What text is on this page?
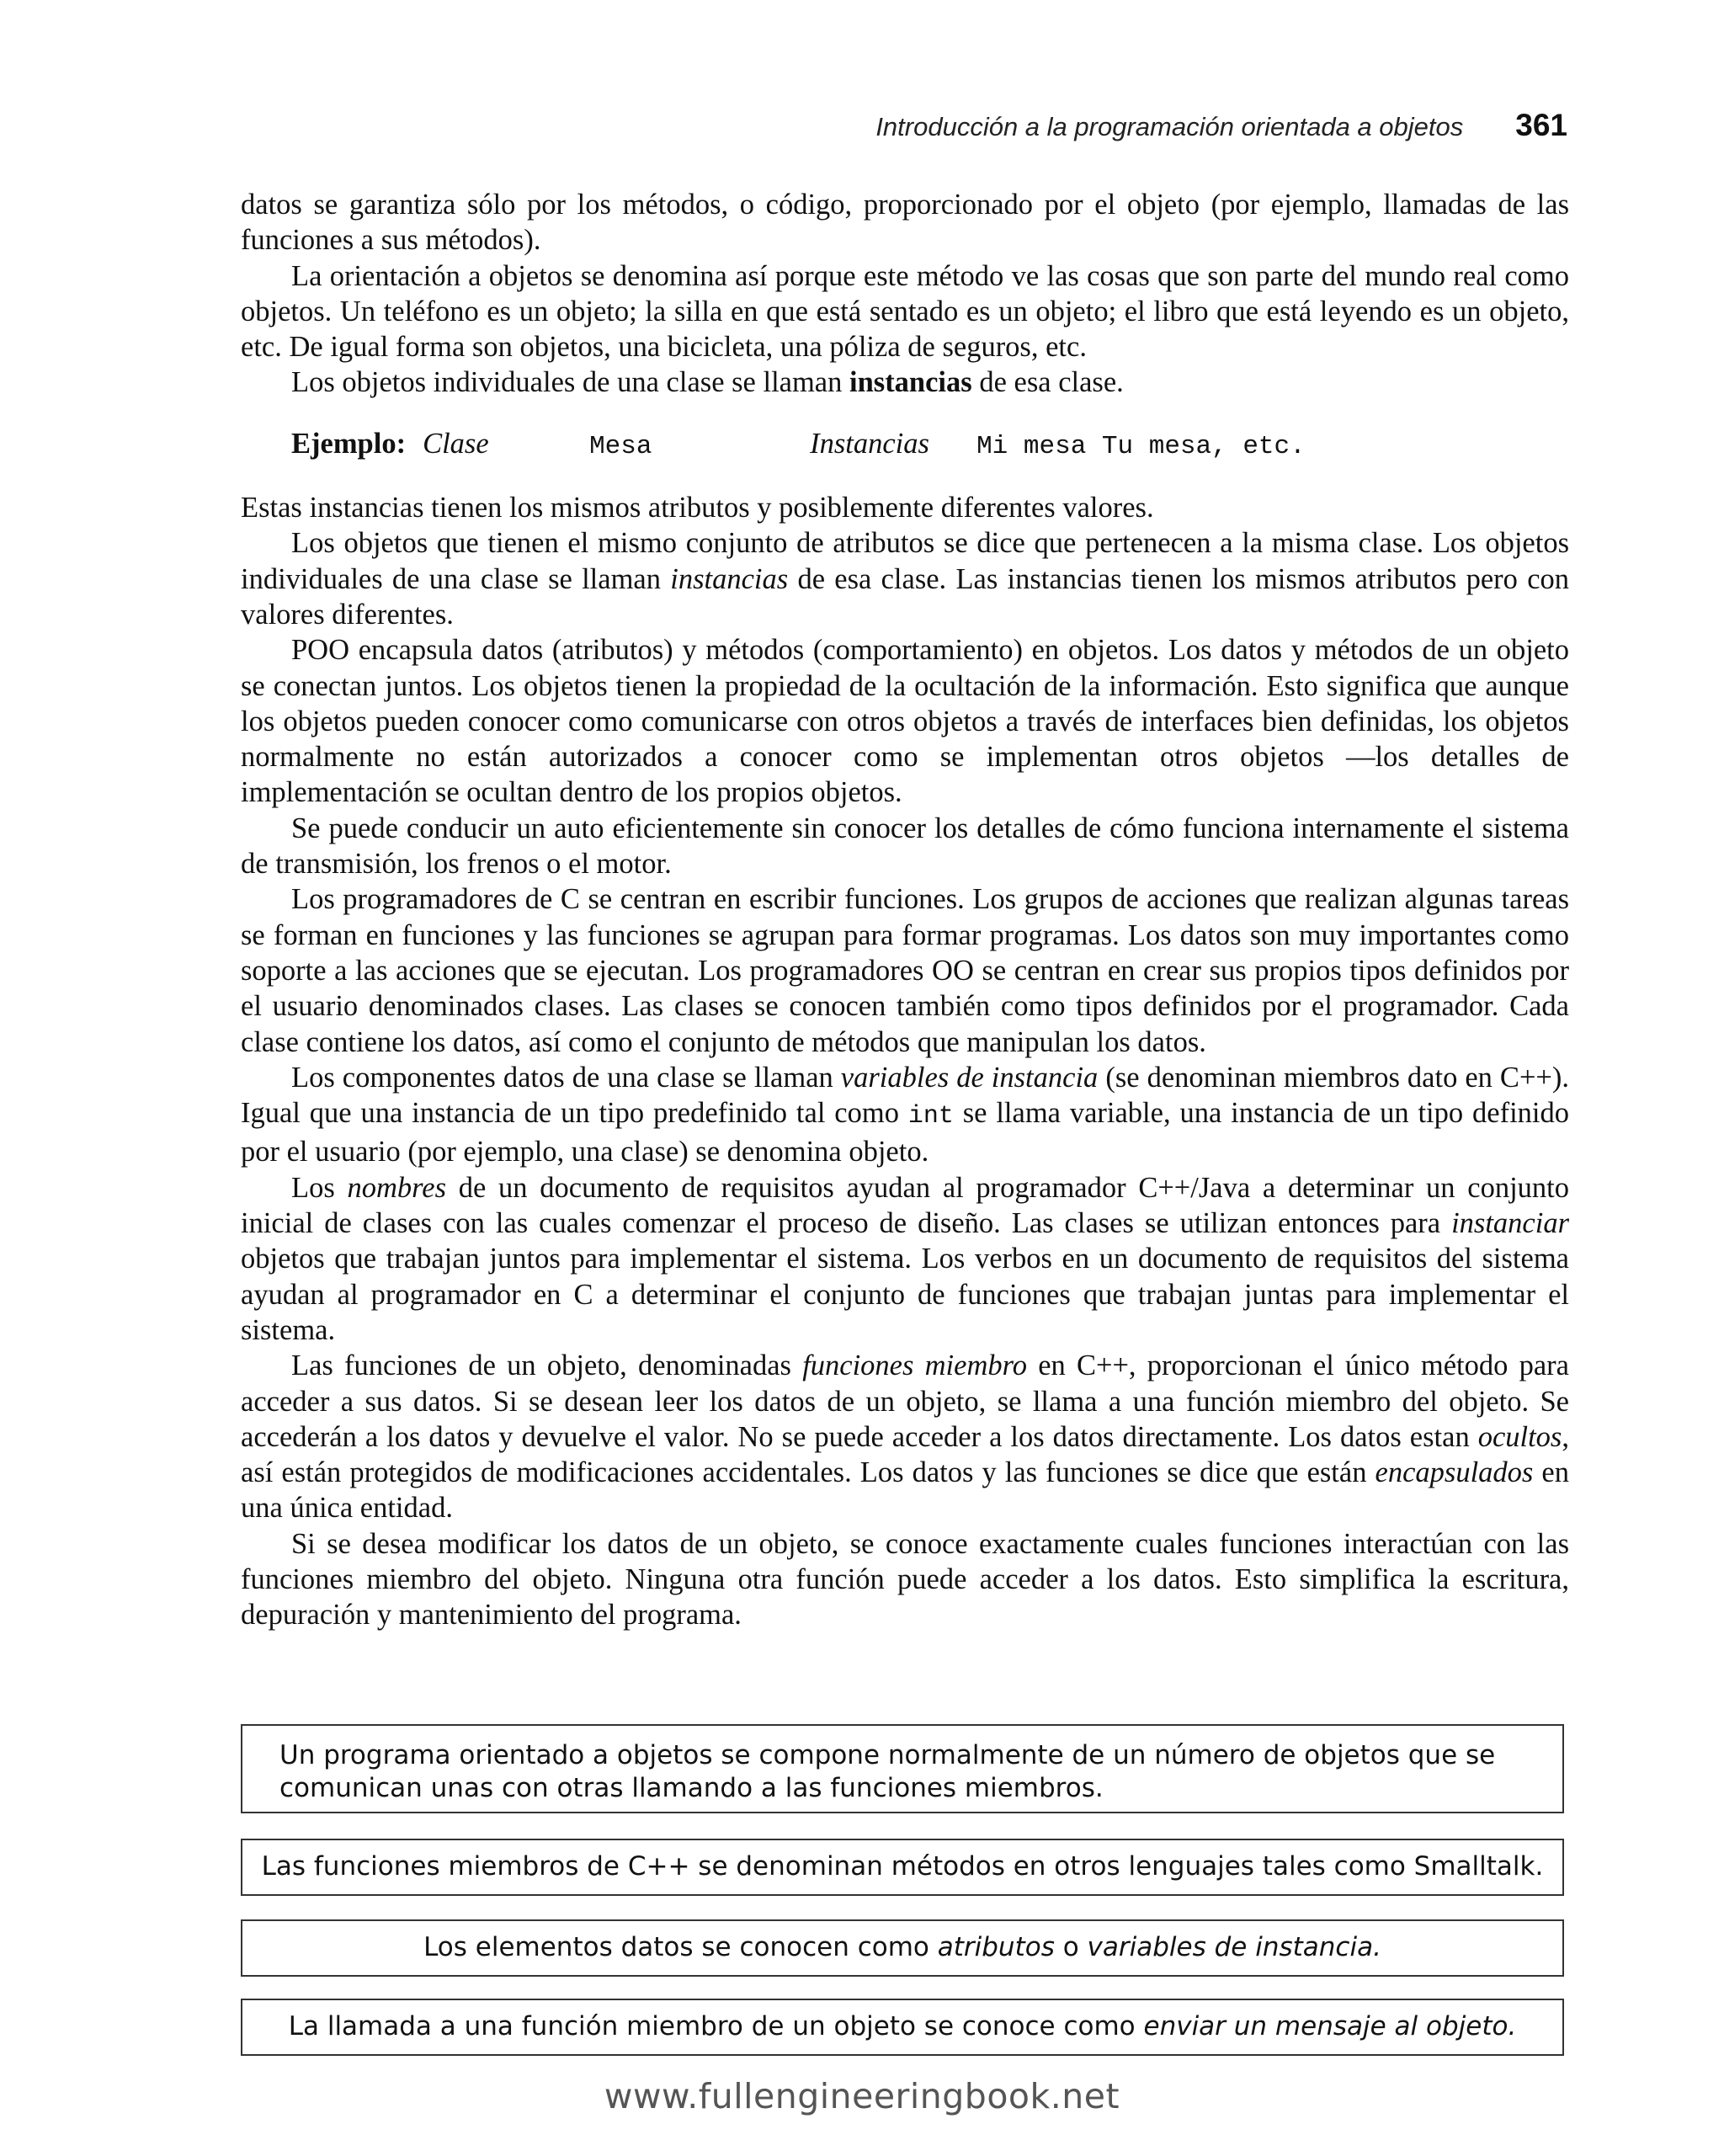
Introducción a la programación orientada a objetos 361

datos se garantiza sólo por los métodos, o código, proporcionado por el objeto (por ejemplo, llamadas de las funciones a sus métodos).

La orientación a objetos se denomina así porque este método ve las cosas que son parte del mundo real como objetos. Un teléfono es un objeto; la silla en que está sentado es un objeto; el libro que está leyendo es un objeto, etc. De igual forma son objetos, una bicicleta, una póliza de seguros, etc.

Los objetos individuales de una clase se llaman instancias de esa clase.

Ejemplo: Clase	Mesa	Instancias Mi mesa Tu mesa, etc.

Estas instancias tienen los mismos atributos y posiblemente diferentes valores.

Los objetos que tienen el mismo conjunto de atributos se dice que pertenecen a la misma clase. Los objetos individuales de una clase se llaman instancias de esa clase. Las instancias tienen los mismos atributos pero con valores diferentes.

POO encapsula datos (atributos) y métodos (comportamiento) en objetos. Los datos y métodos de un objeto se conectan juntos. Los objetos tienen la propiedad de la ocultación de la información. Esto significa que aunque los objetos pueden conocer como comunicarse con otros objetos a través de interfaces bien definidas, los objetos normalmente no están autorizados a conocer como se implementan otros objetos —los detalles de implementación se ocultan dentro de los propios objetos.

Se puede conducir un auto eficientemente sin conocer los detalles de cómo funciona internamente el sistema de transmisión, los frenos o el motor.

Los programadores de C se centran en escribir funciones. Los grupos de acciones que realizan algunas tareas se forman en funciones y las funciones se agrupan para formar programas. Los datos son muy importantes como soporte a las acciones que se ejecutan. Los programadores OO se centran en crear sus propios tipos definidos por el usuario denominados clases. Las clases se conocen también como tipos definidos por el programador. Cada clase contiene los datos, así como el conjunto de métodos que manipulan los datos.

Los componentes datos de una clase se llaman variables de instancia (se denominan miembros dato en C++). Igual que una instancia de un tipo predefinido tal como int se llama variable, una instancia de un tipo definido por el usuario (por ejemplo, una clase) se denomina objeto.

Los nombres de un documento de requisitos ayudan al programador C++/Java a determinar un conjunto inicial de clases con las cuales comenzar el proceso de diseño. Las clases se utilizan entonces para instanciar objetos que trabajan juntos para implementar el sistema. Los verbos en un documento de requisitos del sistema ayudan al programador en C a determinar el conjunto de funciones que trabajan juntas para implementar el sistema.

Las funciones de un objeto, denominadas funciones miembro en C++, proporcionan el único método para acceder a sus datos. Si se desean leer los datos de un objeto, se llama a una función miembro del objeto. Se accederán a los datos y devuelve el valor. No se puede acceder a los datos directamente. Los datos estan ocultos, así están protegidos de modificaciones accidentales. Los datos y las funciones se dice que están encapsulados en una única entidad.

Si se desea modificar los datos de un objeto, se conoce exactamente cuales funciones interactúan con las funciones miembro del objeto. Ninguna otra función puede acceder a los datos. Esto simplifica la escritura, depuración y mantenimiento del programa.

Un programa orientado a objetos se compone normalmente de un número de objetos que se comunican unas con otras llamando a las funciones miembros.
Las funciones miembros de C++ se denominan métodos en otros lenguajes tales como Smalltalk.
Los elementos datos se conocen como atributos o variables de instancia.
La llamada a una función miembro de un objeto se conoce como enviar un mensaje al objeto.
www.fullengineeringbook.net
